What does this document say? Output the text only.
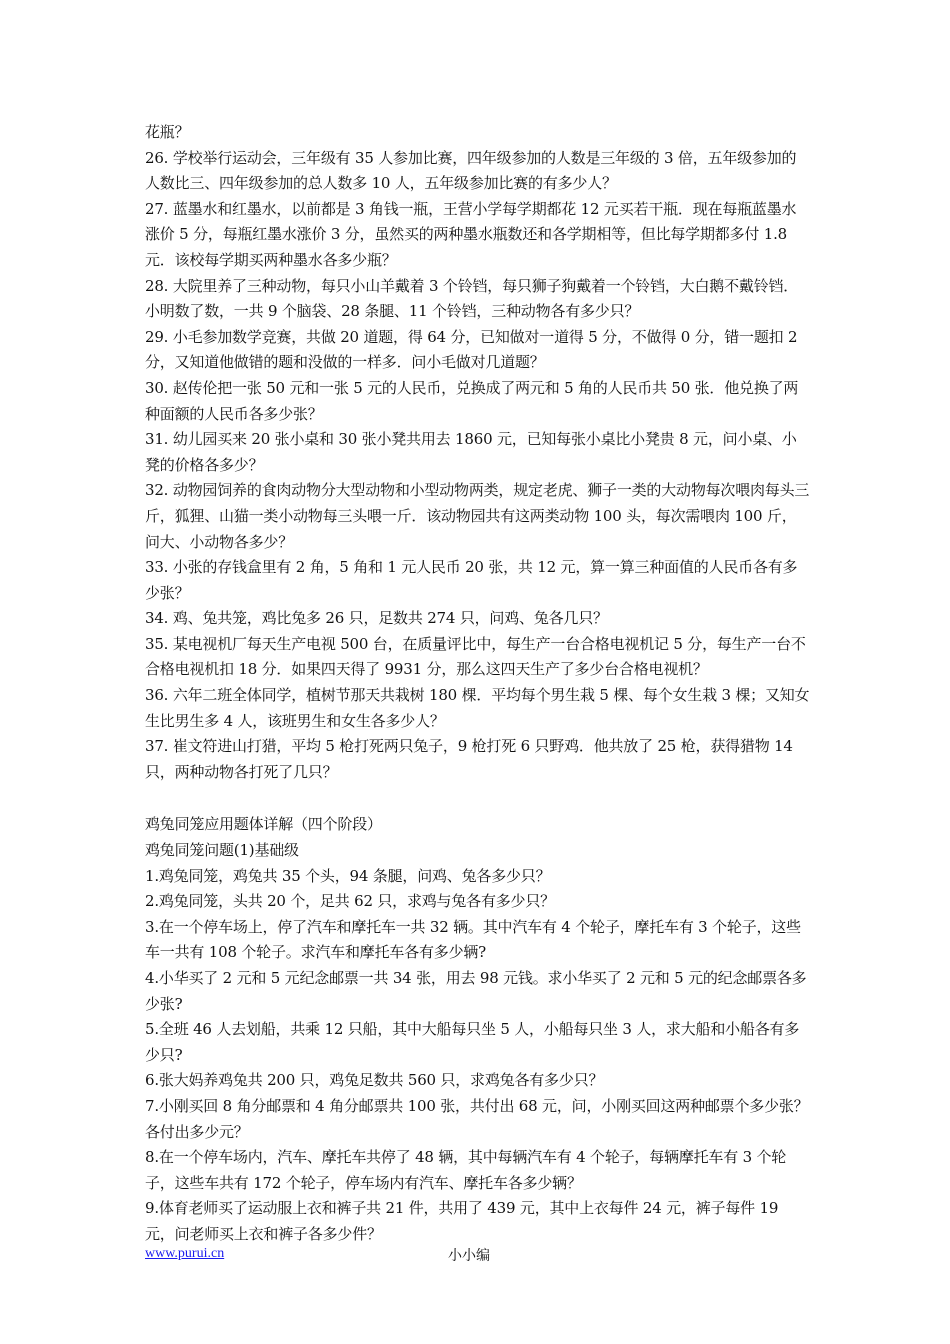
花瓶？

26. 学校举行运动会，三年级有 35 人参加比赛，四年级参加的人数是三年级的 3 倍，五年级参加的人数比三、四年级参加的总人数多 10 人，五年级参加比赛的有多少人？

27. 蓝墨水和红墨水，以前都是 3 角钱一瓶，王营小学每学期都花 12 元买若干瓶．现在每瓶蓝墨水涨价 5 分，每瓶红墨水涨价 3 分，虽然买的两种墨水瓶数还和各学期相等，但比每学期都多付 1.8 元．该校每学期买两种墨水各多少瓶？

28. 大院里养了三种动物，每只小山羊戴着 3 个铃铛，每只狮子狗戴着一个铃铛，大白鹅不戴铃铛．小明数了数，一共 9 个脑袋、28 条腿、11 个铃铛，三种动物各有多少只？

29. 小毛参加数学竞赛，共做 20 道题，得 64 分，已知做对一道得 5 分，不做得 0 分，错一题扣 2 分，又知道他做错的题和没做的一样多．问小毛做对几道题？

30. 赵传伦把一张 50 元和一张 5 元的人民币，兑换成了两元和 5 角的人民币共 50 张．他兑换了两种面额的人民币各多少张？

31. 幼儿园买来 20 张小桌和 30 张小凳共用去 1860 元，已知每张小桌比小凳贵 8 元，问小桌、小凳的价格各多少？

32. 动物园饲养的食肉动物分大型动物和小型动物两类，规定老虎、狮子一类的大动物每次喂肉每头三斤，狐狸、山猫一类小动物每三头喂一斤．该动物园共有这两类动物 100 头，每次需喂肉 100 斤，问大、小动物各多少？

33. 小张的存钱盒里有 2 角，5 角和 1 元人民币 20 张，共 12 元，算一算三种面值的人民币各有多少张？

34. 鸡、兔共笼，鸡比兔多 26 只，足数共 274 只，问鸡、兔各几只？

35. 某电视机厂每天生产电视 500 台，在质量评比中，每生产一台合格电视机记 5 分，每生产一台不合格电视机扣 18 分．如果四天得了 9931 分，那么这四天生产了多少台合格电视机？

36. 六年二班全体同学，植树节那天共栽树 180 棵．平均每个男生栽 5 棵、每个女生栽 3 棵；又知女生比男生多 4 人，该班男生和女生各多少人？

37. 崔文符进山打猎，平均 5 枪打死两只兔子，9 枪打死 6 只野鸡．他共放了 25 枪，获得猎物 14 只，两种动物各打死了几只？

鸡兔同笼应用题体详解（四个阶段）

鸡兔同笼问题(1)基础级

1.鸡兔同笼，鸡兔共 35 个头，94 条腿，问鸡、兔各多少只？

2.鸡兔同笼，头共 20 个，足共 62 只，求鸡与兔各有多少只？

3.在一个停车场上，停了汽车和摩托车一共 32 辆。其中汽车有 4 个轮子，摩托车有 3 个轮子，这些车一共有 108 个轮子。求汽车和摩托车各有多少辆?

4.小华买了 2 元和 5 元纪念邮票一共 34 张，用去 98 元钱。求小华买了 2 元和 5 元的纪念邮票各多少张?

5.全班 46 人去划船，共乘 12 只船，其中大船每只坐 5 人，小船每只坐 3 人，求大船和小船各有多少只?

6.张大妈养鸡兔共 200 只，鸡兔足数共 560 只，求鸡兔各有多少只？

7.小刚买回 8 角分邮票和 4 角分邮票共 100 张，共付出 68 元，问，小刚买回这两种邮票个多少张？各付出多少元？

8.在一个停车场内，汽车、摩托车共停了 48 辆，其中每辆汽车有 4 个轮子，每辆摩托车有 3 个轮子，这些车共有 172 个轮子，停车场内有汽车、摩托车各多少辆？

9.体育老师买了运动服上衣和裤子共 21 件，共用了 439 元，其中上衣每件 24 元，裤子每件 19 元，问老师买上衣和裤子各多少件？

www.purui.cn	小小编
